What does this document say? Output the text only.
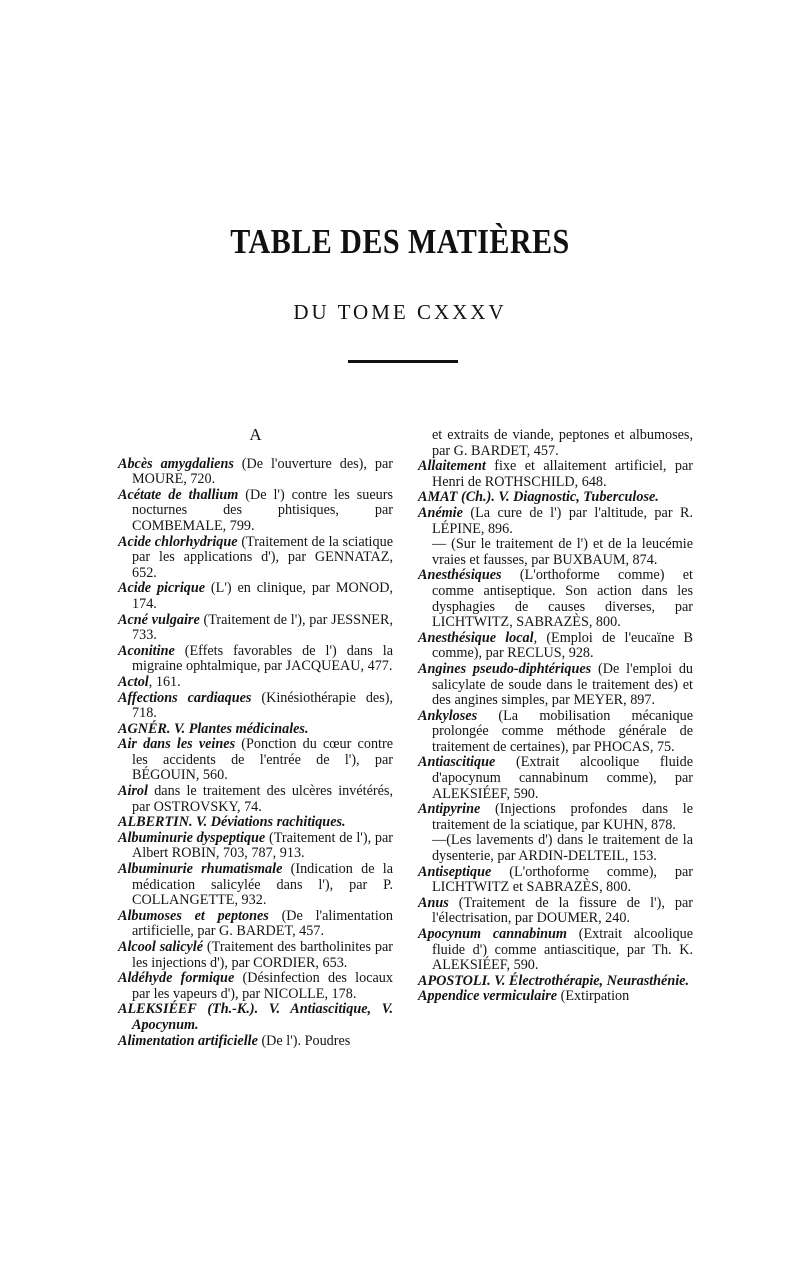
TABLE DES MATIÈRES
DU TOME CXXXV
A

Abcès amygdaliens (De l'ouverture des), par MOURE, 720.

Acétate de thallium (De l') contre les sueurs nocturnes des phtisiques, par COMBEMALE, 799.

Acide chlorhydrique (Traitement de la sciatique par les applications d'), par GENNATAZ, 652.

Acide picrique (L') en clinique, par MONOD, 174.

Acné vulgaire (Traitement de l'), par JESSNER, 733.

Aconitine (Effets favorables de l') dans la migraine ophtalmique, par JACQUEAU, 477.

Actol, 161.

Affections cardiaques (Kinésiothérapie des), 718.

AGNÉR. V. Plantes médicinales.

Air dans les veines (Ponction du cœur contre les accidents de l'entrée de l'), par BÉGOUIN, 560.

Airol dans le traitement des ulcères invétérés, par OSTROVSKY, 74.

ALBERTIN. V. Déviations rachitiques.

Albuminurie dyspeptique (Traitement de l'), par Albert ROBIN, 703, 787, 913.

Albuminurie rhumatismale (Indication de la médication salicylée dans l'), par P. COLLANGETTE, 932.

Albumoses et peptones (De l'alimentation artificielle, par G. BARDET, 457.

Alcool salicylé (Traitement des bartholinites par les injections d'), par CORDIER, 653.

Aldéhyde formique (Désinfection des locaux par les vapeurs d'), par NICOLLE, 178.

ALEKSIÉEF (Th.-K.). V. Antiascitique, V. Apocynum.

Alimentation artificielle (De l'). Poudres

et extraits de viande, peptones et albumoses, par G. BARDET, 457.

Allaitement fixe et allaitement artificiel, par Henri de ROTHSCHILD, 648.

AMAT (Ch.). V. Diagnostic, Tuberculose.

Anémie (La cure de l') par l'altitude, par R. LÉPINE, 896.

— (Sur le traitement de l') et de la leucémie vraies et fausses, par BUXBAUM, 874.

Anesthésiques (L'orthoforme comme) et comme antiseptique. Son action dans les dysphagies de causes diverses, par LICHTWITZ, SABRAZÈS, 800.

Anesthésique local, (Emploi de l'eucaïne B comme), par RECLUS, 928.

Angines pseudo-diphtériques (De l'emploi du salicylate de soude dans le traitement des) et des angines simples, par MEYER, 897.

Ankyloses (La mobilisation mécanique prolongée comme méthode générale de traitement de certaines), par PHOCAS, 75.

Antiascitique (Extrait alcoolique fluide d'apocynum cannabinum comme), par ALEKSIÉEF, 590.

Antipyrine (Injections profondes dans le traitement de la sciatique, par KUHN, 878.

—(Les lavements d') dans le traitement de la dysenterie, par ARDIN-DELTEIL, 153.

Antiseptique (L'orthoforme comme), par LICHTWITZ et SABRAZÈS, 800.

Anus (Traitement de la fissure de l'), par l'électrisation, par DOUMER, 240.

Apocynum cannabinum (Extrait alcoolique fluide d') comme antiascitique, par Th. K. ALEKSIÉEF, 590.

APOSTOLI. V. Électrothérapie, Neurasthénie.

Appendice vermiculaire (Extirpation
